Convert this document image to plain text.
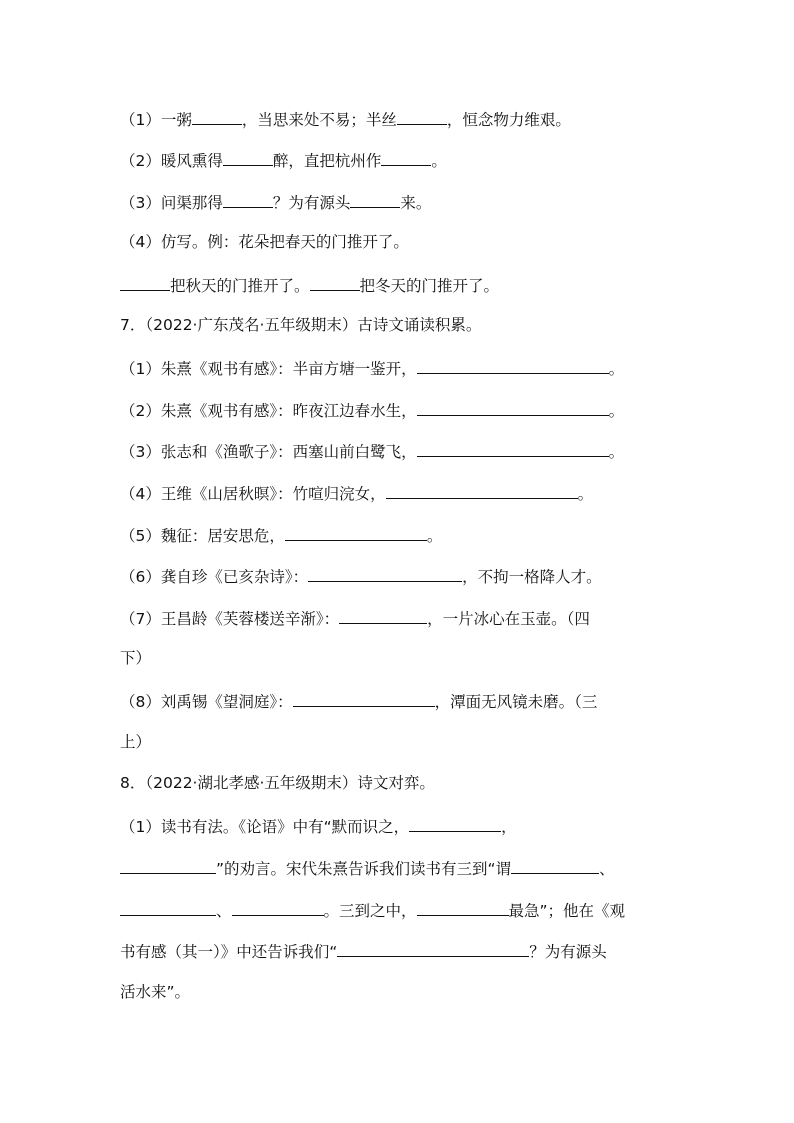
（1）一粥	，当思来处不易；半丝	，恒念物力维艰。
（2）暖风熏得	醉，直把杭州作	。
（3）问渠那得	？为有源头	来。
（4）仿写。例：花朵把春天的门推开了。
把秋天的门推开了。	把冬天的门推开了。
7．（2022·广东茂名·五年级期末）古诗文诵读积累。
（1）朱熹《观书有感》：半亩方塘一鉴开，	。
（2）朱熹《观书有感》：昨夜江边春水生，	。
（3）张志和《渔歌子》：西塞山前白鹭飞，	。
（4）王维《山居秋暝》：竹喧归浣女，	。
（5）魏征：居安思危，	。
（6）龚自珍《已亥杂诗》：	，不拘一格降人才。
（7）王昌龄《芙蓉楼送辛渐》：	，一片冰心在玉壶。（四
下）
（8）刘禹锡《望洞庭》：	，潭面无风镜未磨。（三
上）
8．（2022·湖北孝感·五年级期末）诗文对弈。
（1）读书有法。《论语》中有“默而识之，	，
”的劝言。宋代朱熹告诉我们读书有三到“谓	、
、	。三到之中，	最急”；他在《观
书有感（其一）》中还告诉我们“	？为有源头
活水来”。
